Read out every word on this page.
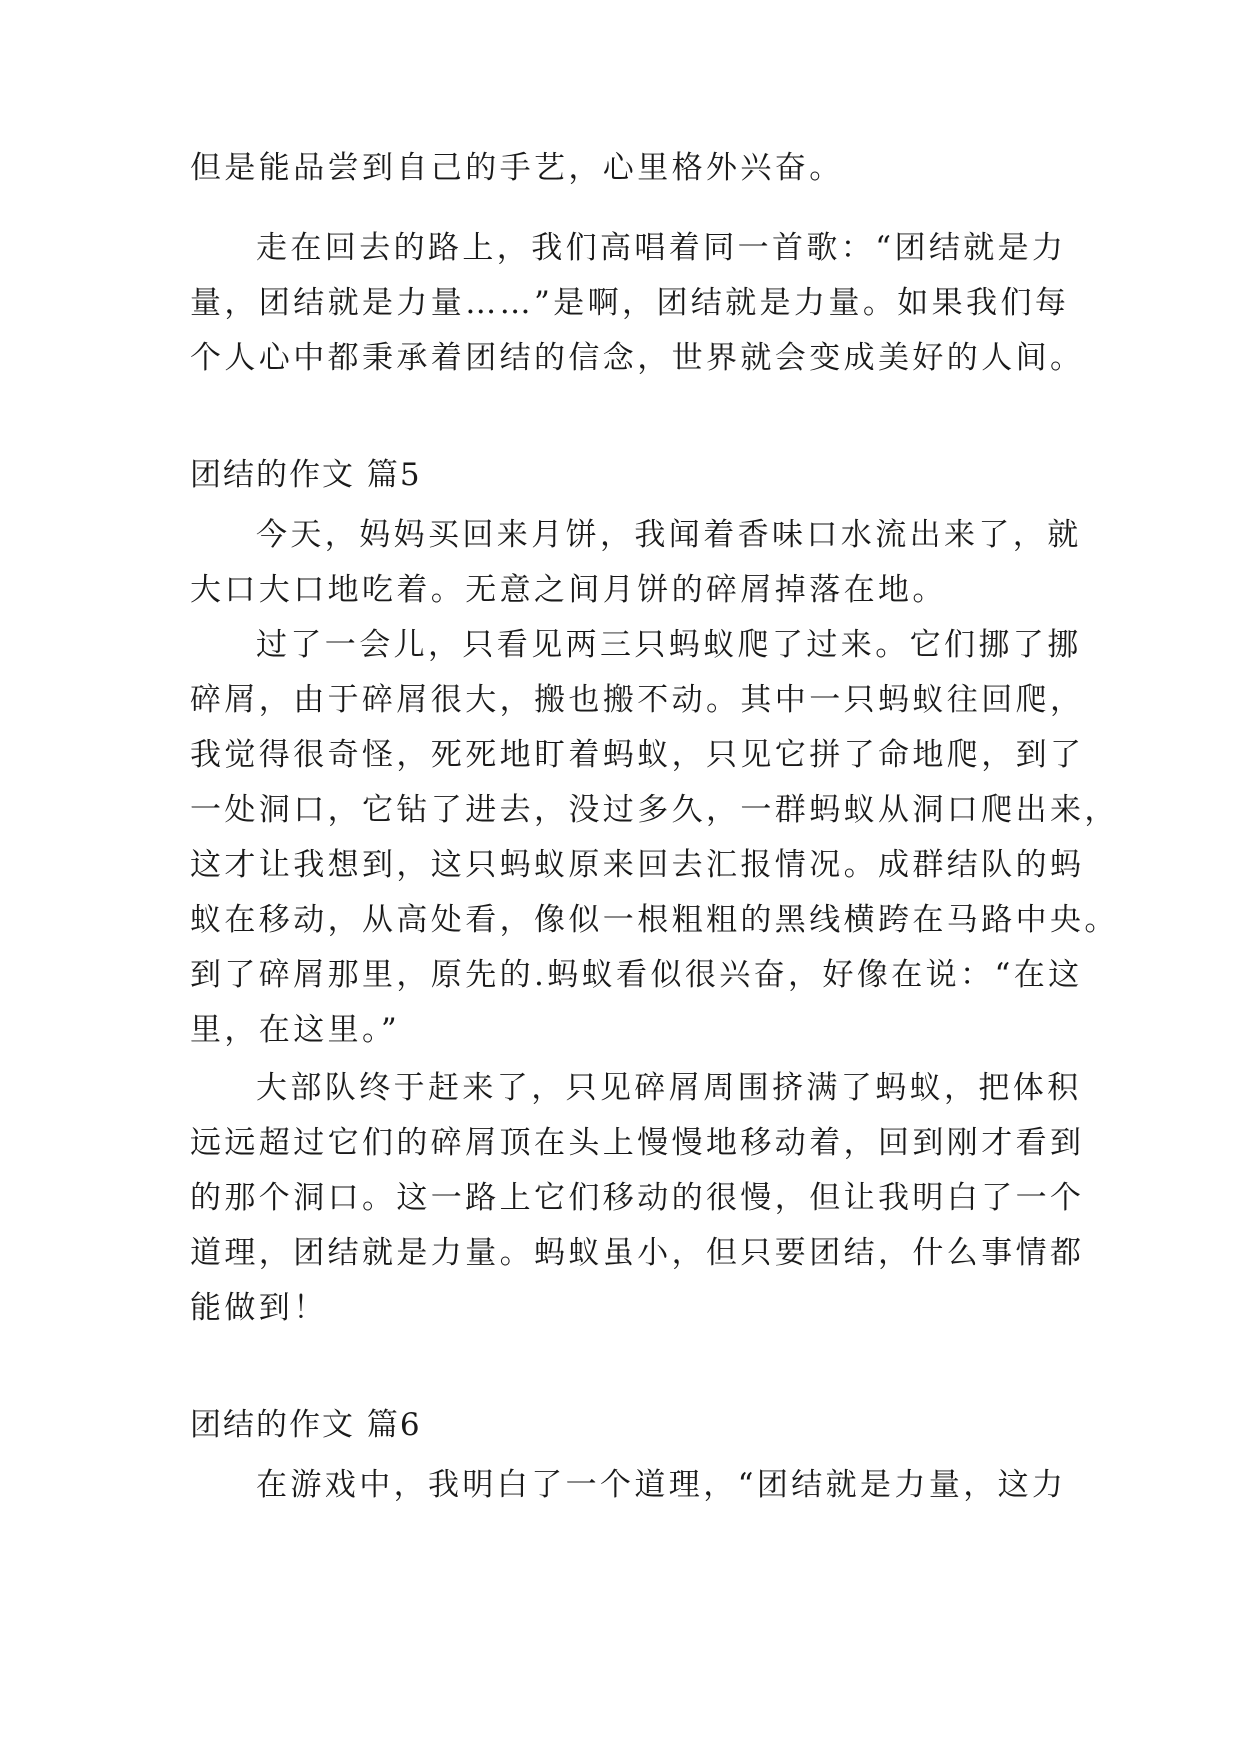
但是能品尝到自己的手艺，心里格外兴奋。
走在回去的路上，我们高唱着同一首歌：“团结就是力
量，团结就是力量……”是啊，团结就是力量。如果我们每
个人心中都秉承着团结的信念，世界就会变成美好的人间。
团结的作文 篇5
今天，妈妈买回来月饼，我闻着香味口水流出来了，就
大口大口地吃着。无意之间月饼的碎屑掉落在地。
过了一会儿，只看见两三只蚂蚁爬了过来。它们挪了挪
碎屑，由于碎屑很大，搬也搬不动。其中一只蚂蚁往回爬，
我觉得很奇怪，死死地盯着蚂蚁，只见它拼了命地爬，到了
一处洞口，它钻了进去，没过多久，一群蚂蚁从洞口爬出来，
这才让我想到，这只蚂蚁原来回去汇报情况。成群结队的蚂
蚁在移动，从高处看，像似一根粗粗的黑线横跨在马路中央。
到了碎屑那里，原先的.蚂蚁看似很兴奋，好像在说：“在这
里，在这里。”
大部队终于赶来了，只见碎屑周围挤满了蚂蚁，把体积
远远超过它们的碎屑顶在头上慢慢地移动着，回到刚才看到
的那个洞口。这一路上它们移动的很慢，但让我明白了一个
道理，团结就是力量。蚂蚁虽小，但只要团结，什么事情都
能做到！
团结的作文 篇6
在游戏中，我明白了一个道理，“团结就是力量，这力
